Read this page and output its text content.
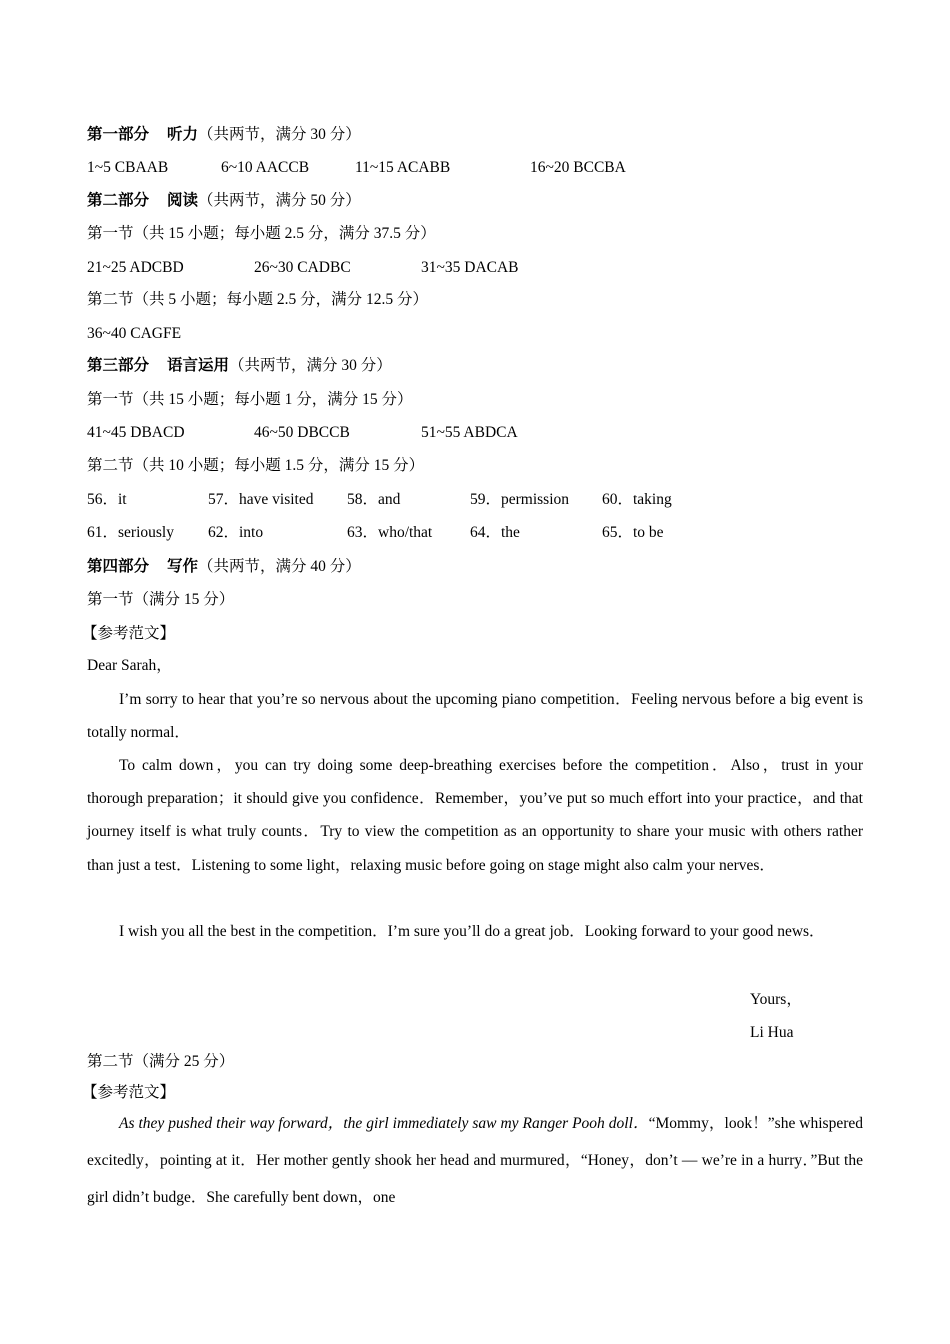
第一部分 听力（共两节，满分 30 分）
1~5 CBAAB	6~10 AACCB	11~15 ACABB	16~20 BCCBA
第二部分 阅读（共两节，满分 50 分）
第一节（共 15 小题；每小题 2.5 分，满分 37.5 分）
21~25 ADCBD	26~30 CADBC	31~35 DACAB
第二节（共 5 小题；每小题 2.5 分，满分 12.5 分）
36~40 CAGFE
第三部分 语言运用（共两节，满分 30 分）
第一节（共 15 小题；每小题 1 分，满分 15 分）
41~45 DBACD	46~50 DBCCB	51~55 ABDCA
第二节（共 10 小题；每小题 1.5 分，满分 15 分）
56．it	57．have visited 58．and	59．permission 60．taking
61．seriously 62．into	63．who/that 64．the	65．to be
第四部分 写作（共两节，满分 40 分）
第一节（满分 15 分）
【参考范文】
Dear Sarah，

I’m sorry to hear that you’re so nervous about the upcoming piano competition．Feeling nervous before a big event is totally normal．

To calm down，you can try doing some deep-breathing exercises before the competition．Also，trust in your thorough preparation；it should give you confidence．Remember，you’ve put so much effort into your practice，and that journey itself is what truly counts．Try to view the competition as an opportunity to share your music with others rather than just a test．Listening to some light，relaxing music before going on stage might also calm your nerves．

I wish you all the best in the competition．I’m sure you’ll do a great job．Looking forward to your good news．

Yours，
Li Hua
第二节（满分 25 分）
【参考范文】

As they pushed their way forward，the girl immediately saw my Ranger Pooh doll．“Mommy，look！”she whispered excitedly，pointing at it．Her mother gently shook her head and murmured，“Honey，don’t — we’re in a hurry．”But the girl didn’t budge．She carefully bent down，one
